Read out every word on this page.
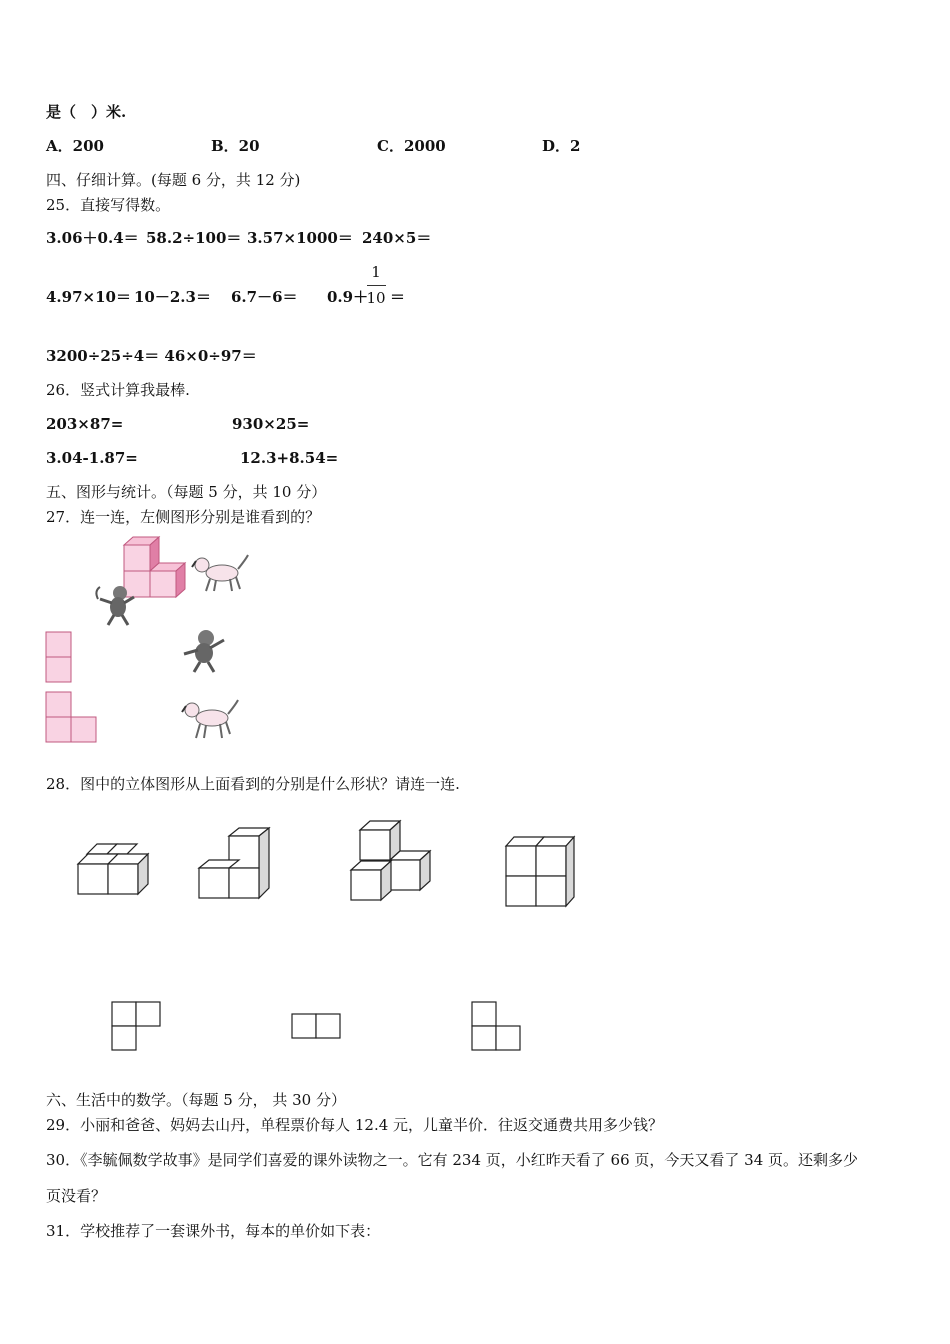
是（　）米.
A．200	B．20	C．2000	D．2
四、仔细计算。(每题 6 分，共 12 分)
25．直接写得数。
3.06＋0.4＝ 58.2÷100＝ 3.57×1000＝ 240×5＝
4.97×10＝ 10－2.3＝ 6.7－6＝ 0.9＋
1
10 ＝
3200÷25÷4＝ 46×0÷97＝
26．竖式计算我最棒.
203×87=	930×25=
3.04-1.87=	12.3+8.54=
五、图形与统计。（每题 5 分，共 10 分）
27．连一连，左侧图形分别是谁看到的？
28．图中的立体图形从上面看到的分别是什么形状？请连一连.
六、生活中的数学。（每题 5 分， 共 30 分）
29．小丽和爸爸、妈妈去山丹，单程票价每人 12.4 元，儿童半价．往返交通费共用多少钱？
30．《李毓佩数学故事》是同学们喜爱的课外读物之一。它有 234 页，小红昨天看了 66 页，今天又看了 34 页。还剩多少
页没看？
31．学校推荐了一套课外书，每本的单价如下表：
